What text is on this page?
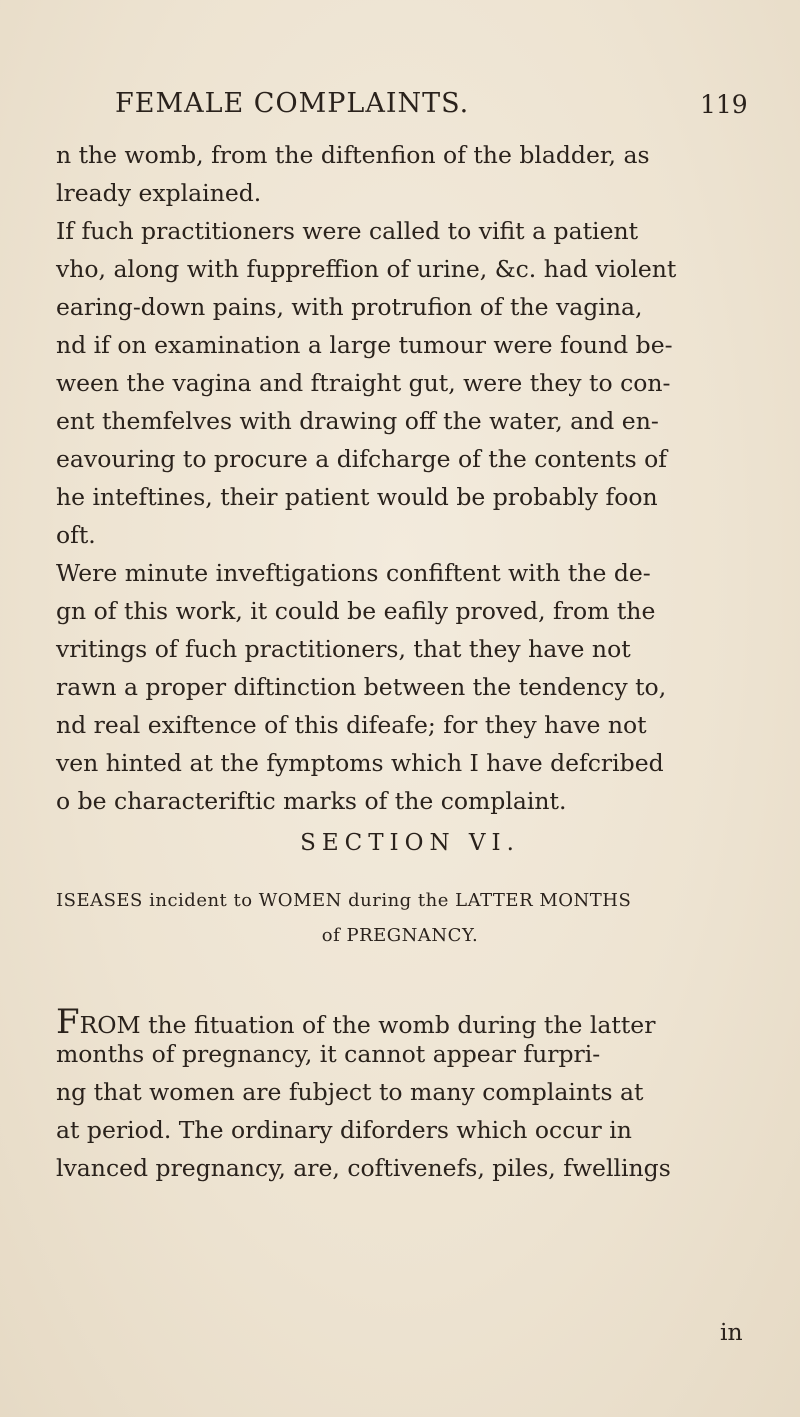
FEMALE COMPLAINTS.	119
n the womb, from the diftenfion of the bladder, as
lready explained.
If fuch practitioners were called to vifit a patient
vho, along with fuppreffion of urine, &c. had violent
earing-down pains, with protrufion of the vagina,
nd if on examination a large tumour were found be-
ween the vagina and ftraight gut, were they to con-
ent themfelves with drawing off the water, and en-
eavouring to procure a difcharge of the contents of
he inteftines, their patient would be probably foon
oft.
Were minute inveftigations confiftent with the de-
gn of this work, it could be eafily proved, from the
vritings of fuch practitioners, that they have not
rawn a proper diftinction between the tendency to,
nd real exiftence of this difeafe; for they have not
ven hinted at the fymptoms which I have defcribed
o be characteriftic marks of the complaint.
SECTION VI.
ISEASES incident to WOMEN during the LATTER MONTHS
of PREGNANCY.
FROM the fituation of the womb during the latter
months of pregnancy, it cannot appear furpri-
ng that women are fubject to many complaints at
at period. The ordinary diforders which occur in
lvanced pregnancy, are, coftivenefs, piles, fwellings
in
